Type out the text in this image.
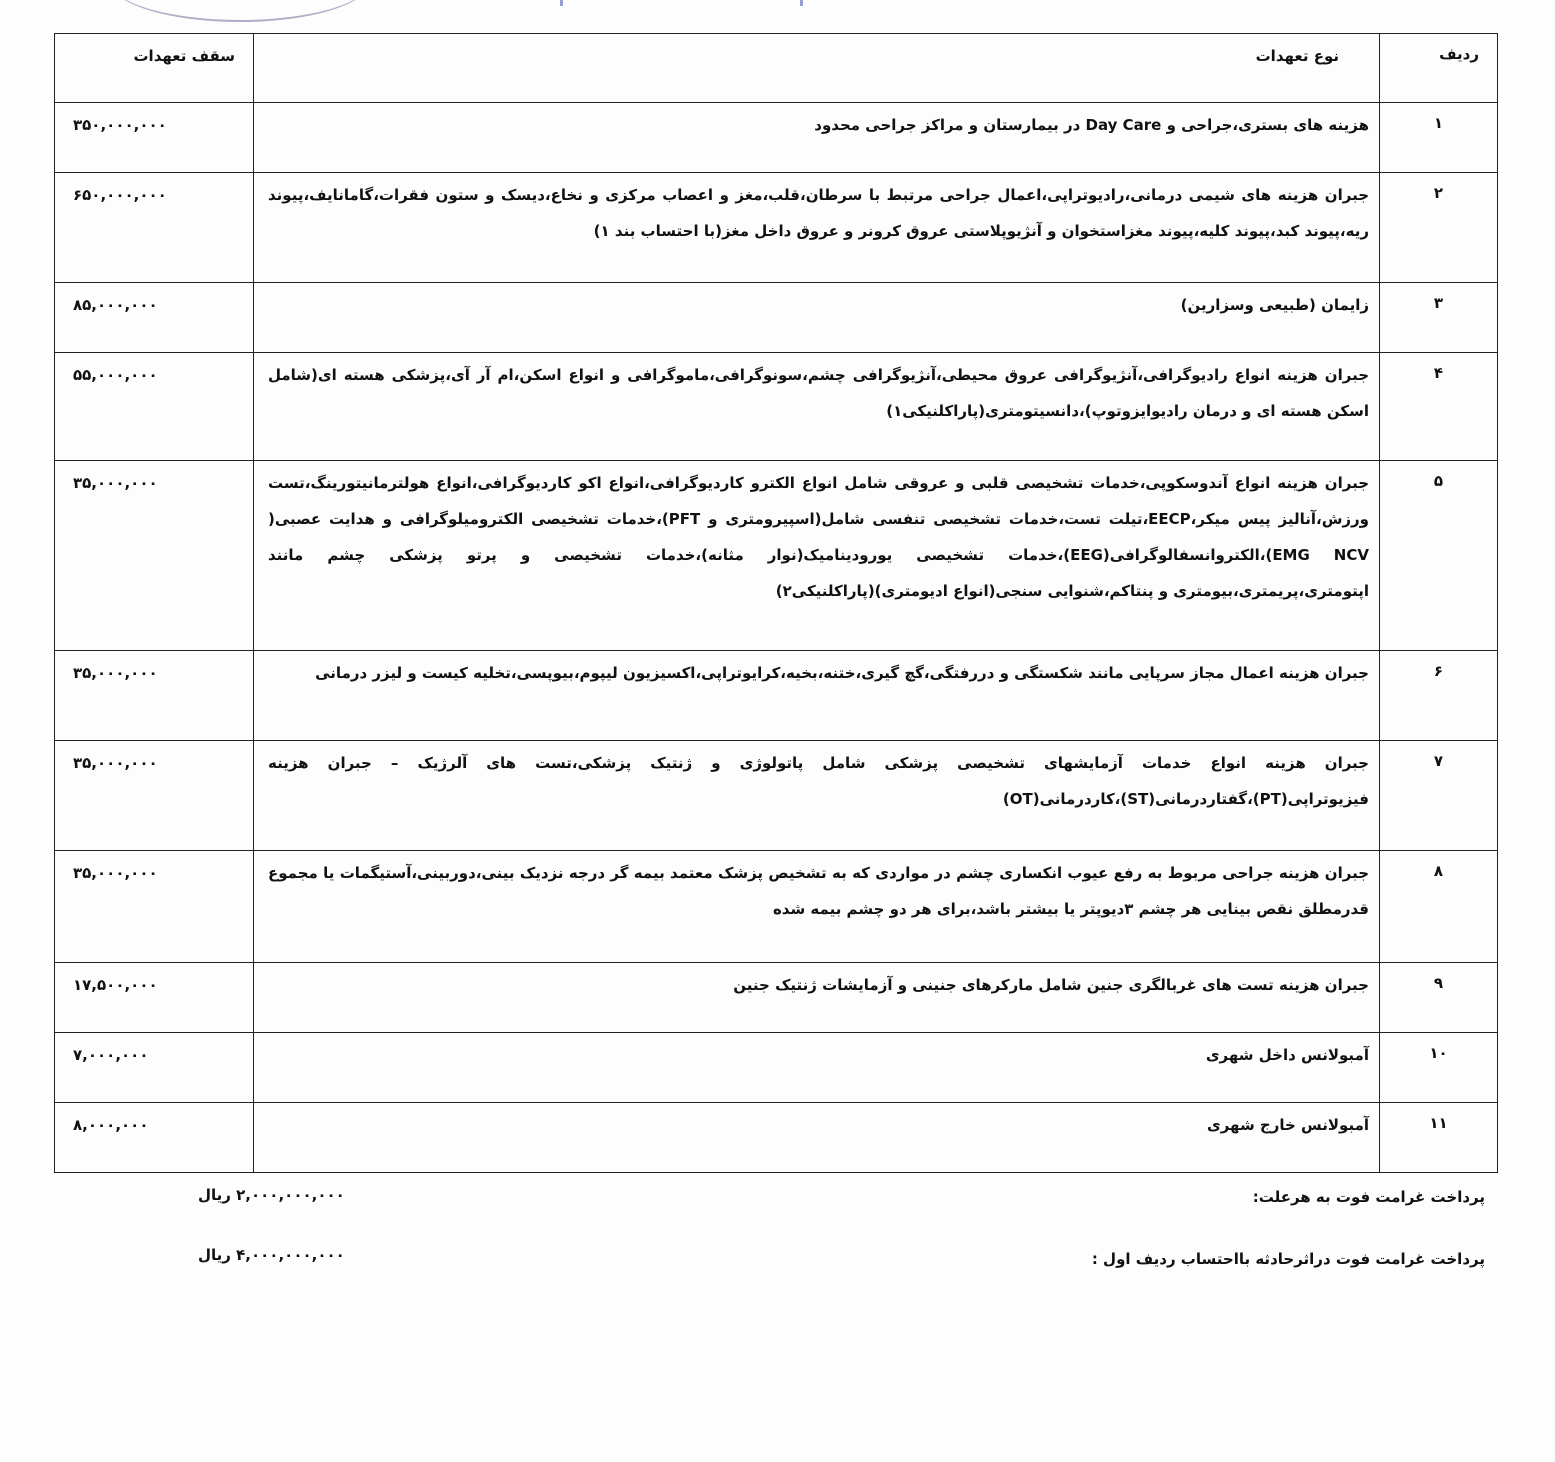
ردیف	نوع تعهدات	سقف تعهدات
۱	هزینه های بستری،جراحی و Day Care در بیمارستان و مراکز جراحی محدود	۳۵۰,۰۰۰,۰۰۰
۲	جبران هزینه های شیمی درمانی،رادیوتراپی،اعمال جراحی مرتبط با سرطان،قلب،مغز و اعصاب مرکزی و نخاع،دیسک و ستون فقرات،گامانایف،پیوند ریه،پیوند کبد،پیوند کلیه،پیوند مغزاستخوان و آنژیوپلاستی عروق کرونر و عروق داخل مغز(با احتساب بند ۱)	۶۵۰,۰۰۰,۰۰۰
۳	زایمان (طبیعی وسزارین)	۸۵,۰۰۰,۰۰۰
۴	جبران هزینه انواع رادیوگرافی،آنژیوگرافی عروق محیطی،آنژیوگرافی چشم،سونوگرافی،ماموگرافی و انواع اسکن،ام آر آی،پزشکی هسته ای(شامل اسکن هسته ای و درمان رادیوایزوتوپ)،دانسیتومتری(پاراکلنیکی۱)	۵۵,۰۰۰,۰۰۰
۵	جبران هزینه انواع آندوسکوپی،خدمات تشخیصی قلبی و عروقی شامل انواع الکترو کاردیوگرافی،انواع اکو کاردیوگرافی،انواع هولترمانیتورینگ،تست ورزش،آنالیز پیس میکر،EECP،تیلت تست،خدمات تشخیصی تنفسی شامل(اسپیرومتری و PFT)،خدمات تشخیصی الکترومیلوگرافی و هدایت عصبی( EMG NCV)،الکتروانسفالوگرافی(EEG)،خدمات تشخیصی یورودینامیک(نوار مثانه)،خدمات تشخیصی و پرتو پزشکی چشم مانند اپتومتری،پریمتری،بیومتری و پنتاکم،شنوایی سنجی(انواع ادیومتری)(پاراکلنیکی۲)	۳۵,۰۰۰,۰۰۰
۶	جبران هزینه اعمال مجاز سرپایی مانند شکستگی و دررفتگی،گچ گیری،ختنه،بخیه،کرایوتراپی،اکسیزیون لیپوم،بیوپسی،تخلیه کیست و لیزر درمانی	۳۵,۰۰۰,۰۰۰
۷	جبران هزینه انواع خدمات آزمایشهای تشخیصی پزشکی شامل پاتولوژی و ژنتیک پزشکی،تست های آلرژیک – جبران هزینه فیزیوتراپی(PT)،گفتاردرمانی(ST)،کاردرمانی(OT)	۳۵,۰۰۰,۰۰۰
۸	جبران هزینه جراحی مربوط به رفع عیوب انکساری چشم در مواردی که به تشخیص پزشک معتمد بیمه گر درجه نزدیک بینی،دوربینی،آستیگمات یا مجموع قدرمطلق نقص بینایی هر چشم ۳دیوپتر یا بیشتر باشد،برای هر دو چشم بیمه شده	۳۵,۰۰۰,۰۰۰
۹	جبران هزینه تست های غربالگری جنین شامل مارکرهای جنینی و آزمایشات ژنتیک جنین	۱۷,۵۰۰,۰۰۰
۱۰	آمبولانس داخل شهری	۷,۰۰۰,۰۰۰
۱۱	آمبولانس خارج شهری	۸,۰۰۰,۰۰۰
پرداخت غرامت فوت به هرعلت:
۲,۰۰۰,۰۰۰,۰۰۰ ریال
پرداخت غرامت فوت دراثرحادثه بااحتساب ردیف اول :
۴,۰۰۰,۰۰۰,۰۰۰ ریال
